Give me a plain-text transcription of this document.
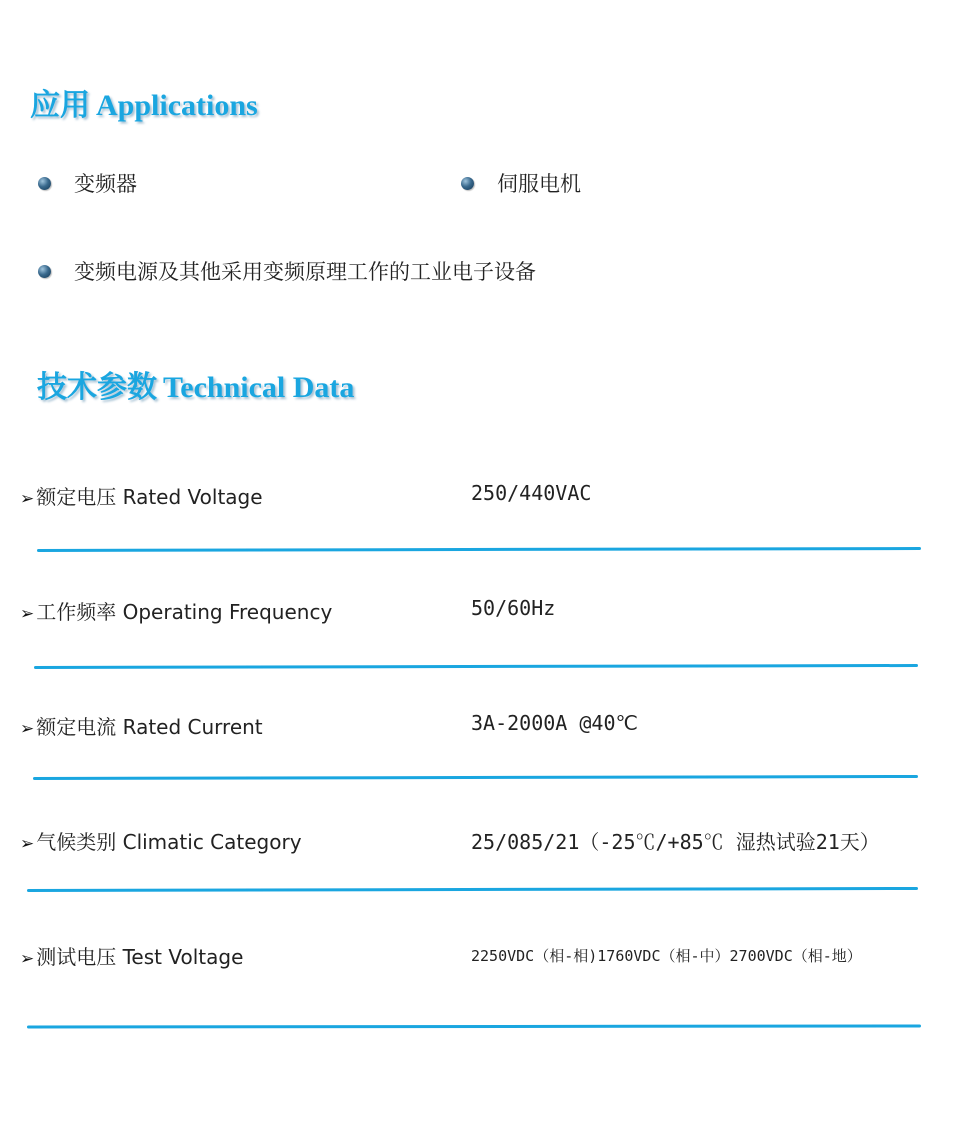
应用 Applications
变频器	伺服电机
变频电源及其他采用变频原理工作的工业电子设备
技术参数 Technical Data
➢ 额定电压 Rated Voltage	250/440VAC
➢ 工作频率 Operating Frequency	50/60Hz
➢ 额定电流 Rated Current	3A-2000A @40℃
➢ 气候类别 Climatic Category	25/085/21（-25℃/+85℃ 湿热试验21天）
➢ 测试电压 Test Voltage	2250VDC（相-相)1760VDC（相-中）2700VDC（相-地）
